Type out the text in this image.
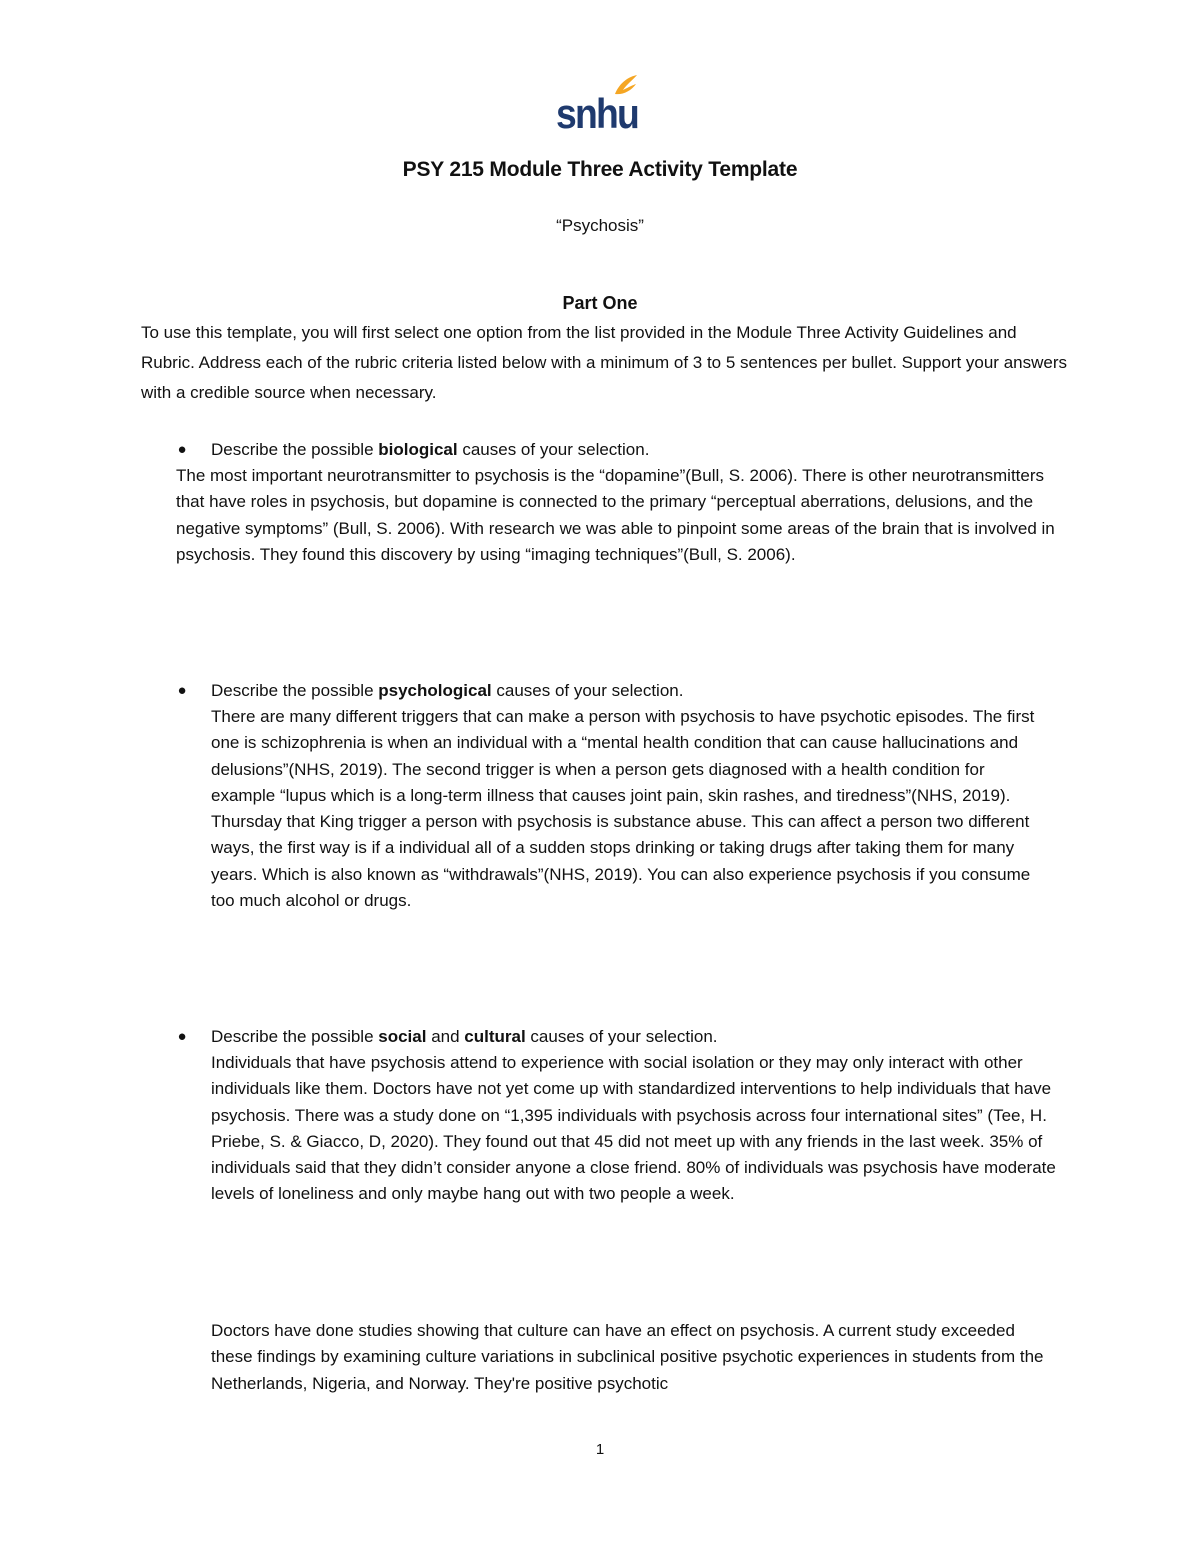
snhu
PSY 215 Module Three Activity Template
“Psychosis”
Part One

To use this template, you will first select one option from the list provided in the Module Three Activity Guidelines and Rubric. Address each of the rubric criteria listed below with a minimum of 3 to 5 sentences per bullet. Support your answers with a credible source when necessary.

● Describe the possible biological causes of your selection.

The most important neurotransmitter to psychosis is the “dopamine”(Bull, S. 2006). There is other neurotransmitters that have roles in psychosis, but dopamine is connected to the primary “perceptual aberrations, delusions, and the negative symptoms” (Bull, S. 2006). With research we was able to pinpoint some areas of the brain that is involved in psychosis. They found this discovery by using “imaging techniques”(Bull, S. 2006).

● Describe the possible psychological causes of your selection.

There are many different triggers that can make a person with psychosis to have psychotic episodes. The first one is schizophrenia is when an individual with a “mental health condition that can cause hallucinations and delusions”(NHS, 2019). The second trigger is when a person gets diagnosed with a health condition for example “lupus which is a long-term illness that causes joint pain, skin rashes, and tiredness”(NHS, 2019). Thursday that King trigger a person with psychosis is substance abuse. This can affect a person two different ways, the first way is if a individual all of a sudden stops drinking or taking drugs after taking them for many years. Which is also known as “withdrawals”(NHS, 2019). You can also experience psychosis if you consume too much alcohol or drugs.

● Describe the possible social and cultural causes of your selection.

Individuals that have psychosis attend to experience with social isolation or they may only interact with other individuals like them. Doctors have not yet come up with standardized interventions to help individuals that have psychosis. There was a study done on “1,395 individuals with psychosis across four international sites” (Tee, H. Priebe, S. & Giacco, D, 2020). They found out that 45 did not meet up with any friends in the last week. 35% of individuals said that they didn’t consider anyone a close friend. 80% of individuals was psychosis have moderate levels of loneliness and only maybe hang out with two people a week.

Doctors have done studies showing that culture can have an effect on psychosis. A current study exceeded these findings by examining culture variations in subclinical positive psychotic experiences in students from the Netherlands, Nigeria, and Norway. They're positive psychotic

1
